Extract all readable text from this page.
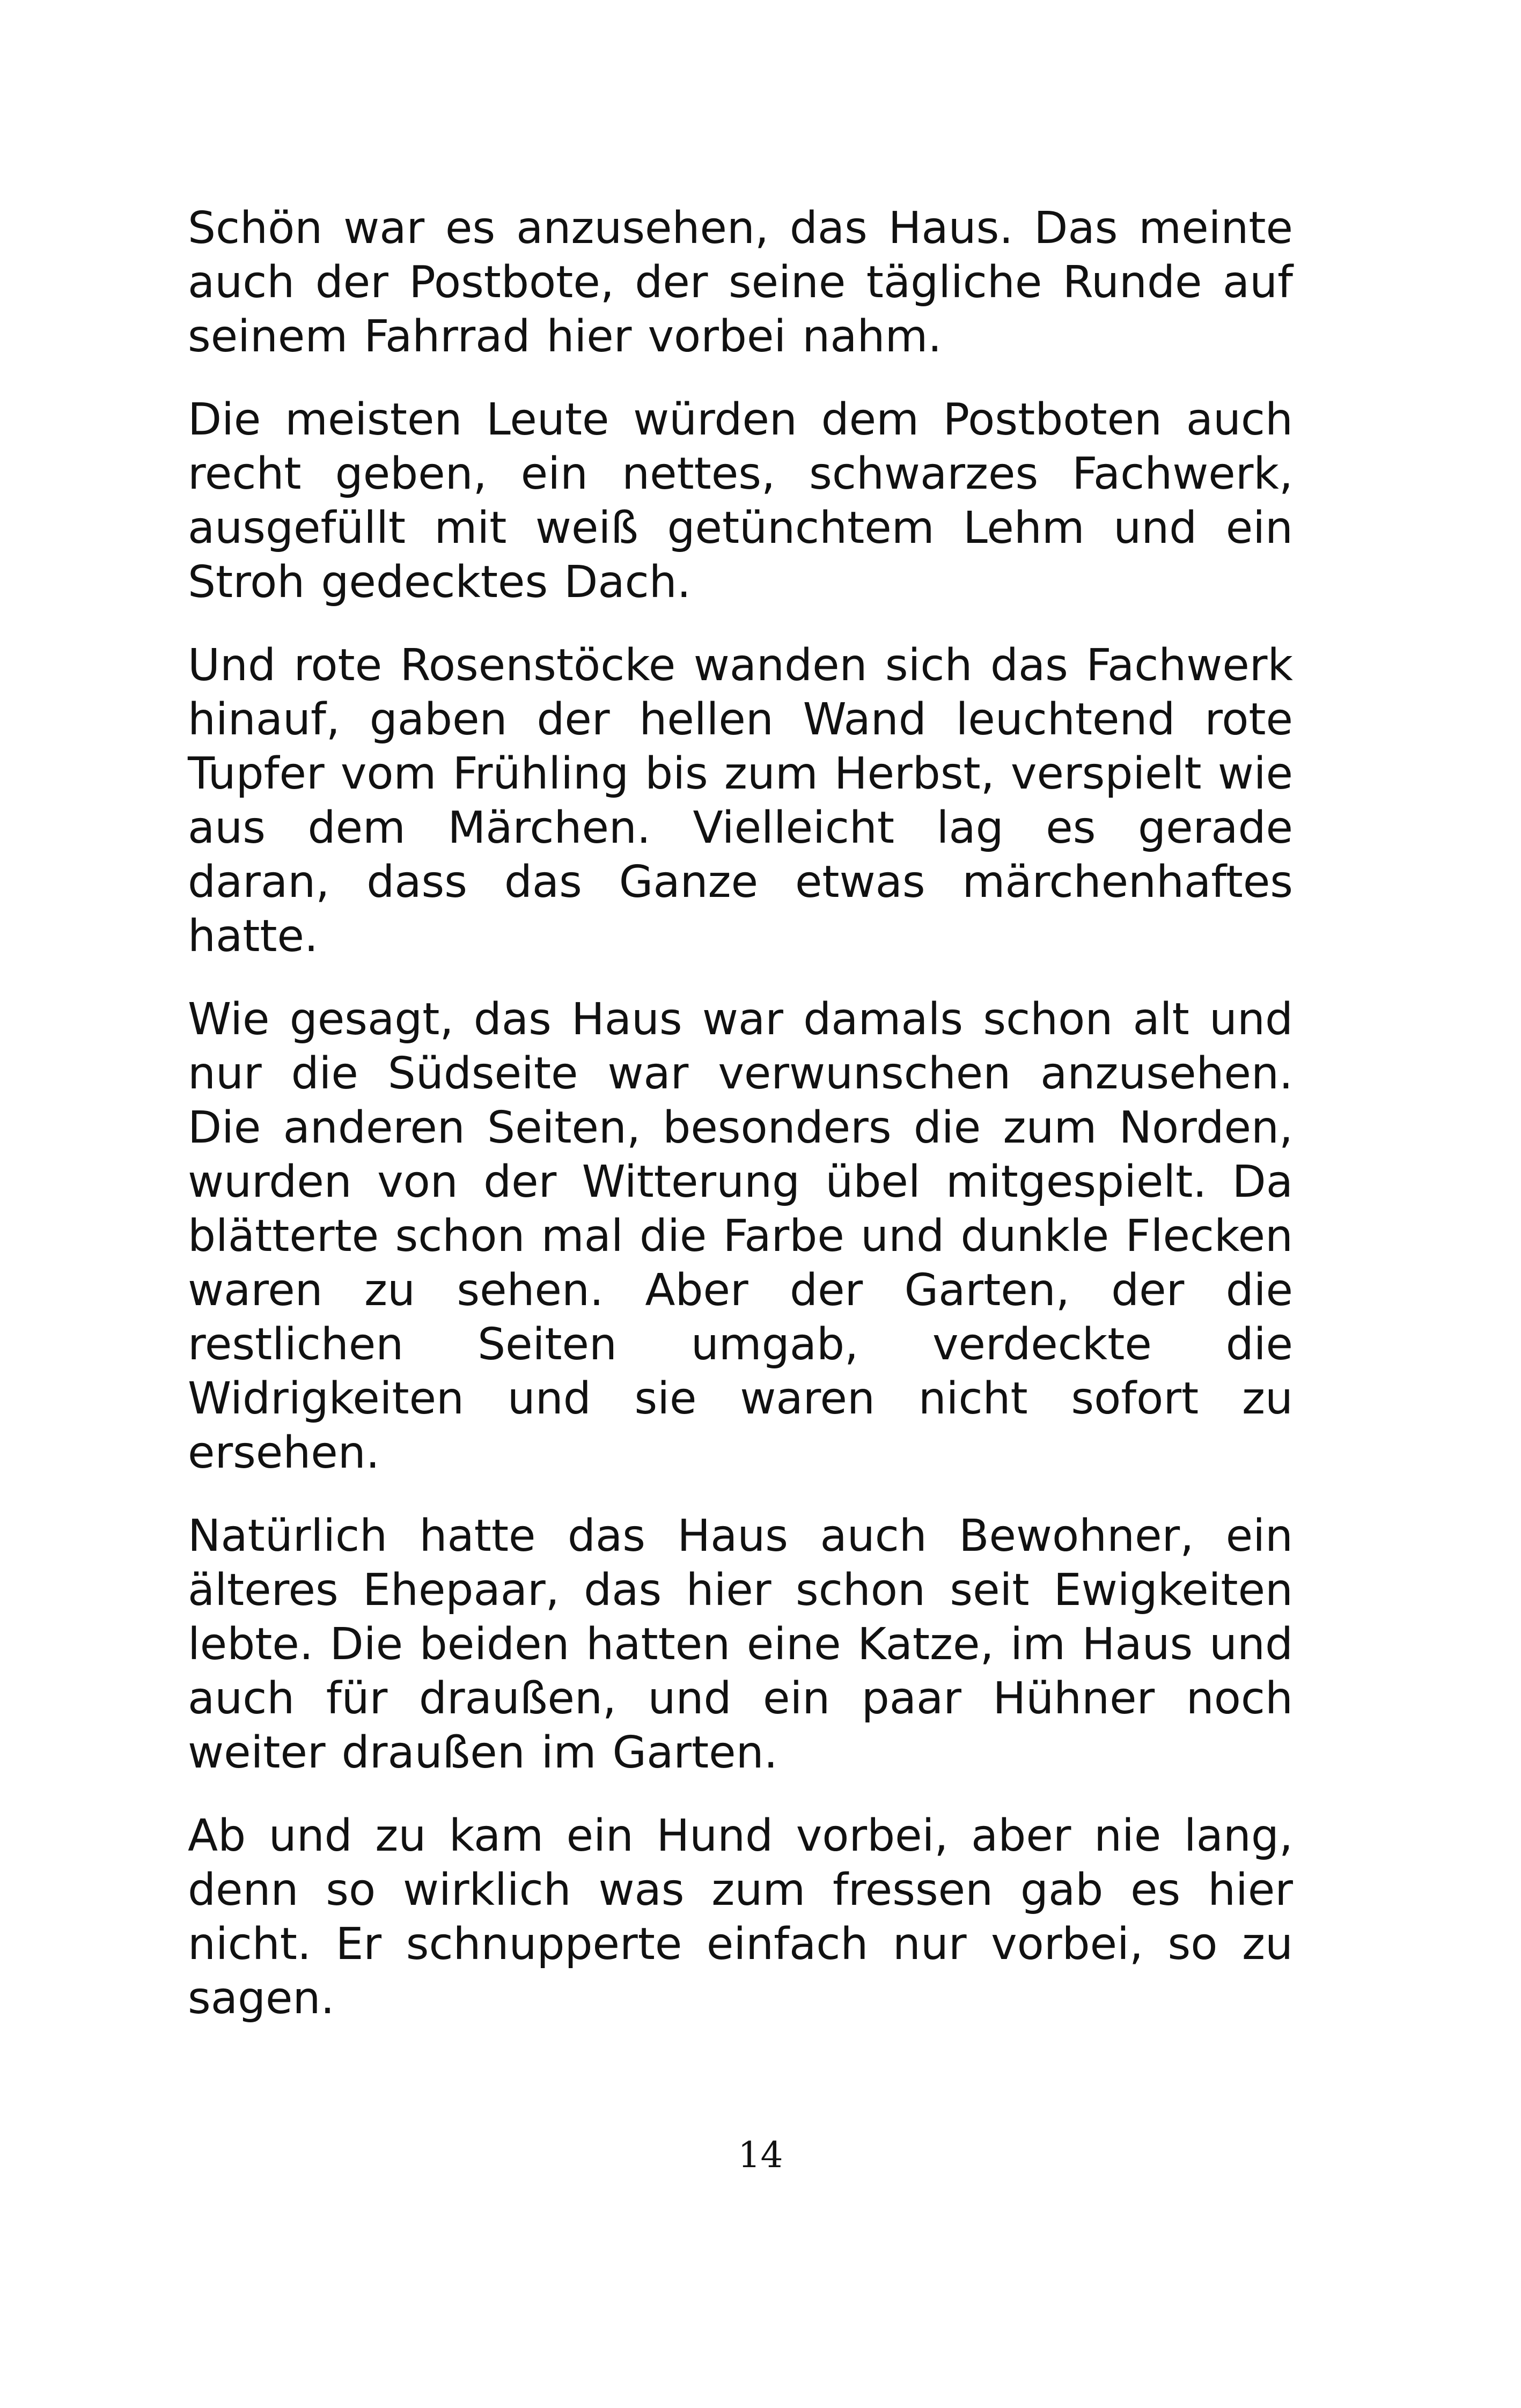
Schön war es anzusehen, das Haus. Das meinte auch der Postbote, der seine tägliche Runde auf seinem Fahrrad hier vorbei nahm.

Die meisten Leute würden dem Postboten auch recht geben, ein nettes, schwarzes Fachwerk, ausgefüllt mit weiß getünchtem Lehm und ein Stroh gedecktes Dach.

Und rote Rosenstöcke wanden sich das Fachwerk hinauf, gaben der hellen Wand leuchtend rote Tupfer vom Frühling bis zum Herbst, verspielt wie aus dem Märchen. Vielleicht lag es gerade daran, dass das Ganze etwas märchenhaftes hatte.

Wie gesagt, das Haus war damals schon alt und nur die Südseite war verwunschen anzusehen. Die anderen Seiten, besonders die zum Norden, wurden von der Witterung übel mitgespielt. Da blätterte schon mal die Farbe und dunkle Flecken waren zu sehen. Aber der Garten, der die restlichen Seiten umgab, verdeckte die Widrigkeiten und sie waren nicht sofort zu ersehen.

Natürlich hatte das Haus auch Bewohner, ein älteres Ehepaar, das hier schon seit Ewigkeiten lebte. Die beiden hatten eine Katze, im Haus und auch für draußen, und ein paar Hühner noch weiter draußen im Garten.

Ab und zu kam ein Hund vorbei, aber nie lang, denn so wirklich was zum fressen gab es hier nicht. Er schnupperte einfach nur vorbei, so zu sagen.

14
